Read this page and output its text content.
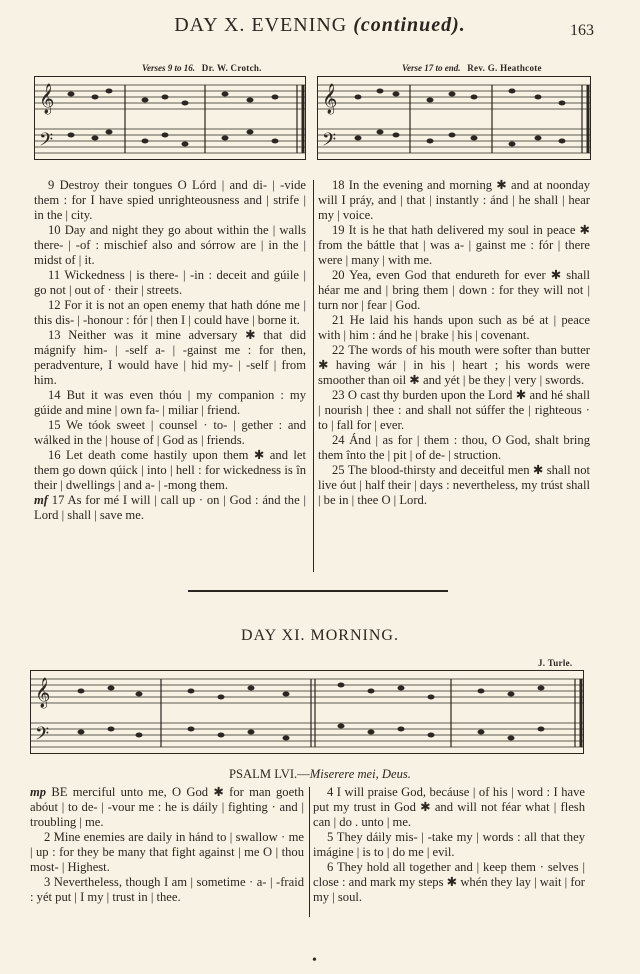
DAY X. EVENING (continued).	163
Verses 9 to 16. Dr. W. Crotch.
𝄞
𝄢
Verse 17 to end. Rev. G. Heathcote
𝄞
𝄢

9 Destroy their tongues O Lórd | and di- | -vide them : for I have spied unrighteousness and | strife | in the | city.

10 Day and night they go about within the | walls there- | -of : mischief also and sórrow are | in the | midst of | it.

11 Wickedness | is there- | -in : deceit and gúile | go not | out of · their | streets.

12 For it is not an open enemy that hath dóne me | this dis- | -honour : fór | then I | could have | borne it.

13 Neither was it mine adversary ✱ that did mágnify him- | -self a- | -gainst me : for then, peradventure, I would have | hid my- | -self | from him.

14 But it was even thóu | my companion : my gúide and mine | own fa- | miliar | friend.

15 We tóok sweet | counsel · to- | gether : and wálked in the | house of | God as | friends.

16 Let death come hastily upon them ✱ and let them go down qúick | into | hell : for wickedness is în their | dwellings | and a- | -mong them.

mf 17 As for mé I will | call up · on | God : ánd the | Lord | shall | save me.

18 In the evening and morning ✱ and at noonday will I práy, and | that | instantly : ánd | he shall | hear my | voice.

19 It is he that hath delivered my soul in peace ✱ from the báttle that | was a- | gainst me : fór | there were | many | with me.

20 Yea, even God that endureth for ever ✱ shall héar me and | bring them | down : for they will not | turn nor | fear | God.

21 He laid his hands upon such as bé at | peace with | him : ánd he | brake | his | covenant.

22 The words of his mouth were softer than butter ✱ having wár | in his | heart ; his words were smoother than oil ✱ and yét | be they | very | swords.

23 O cast thy burden upon the Lord ✱ and hé shall | nourish | thee : and shall not súffer the | righteous · to | fall for | ever.

24 Ánd | as for | them : thou, O God, shalt bring them înto the | pit | of de- | struction.

25 The blood-thirsty and deceitful men ✱ shall not live óut | half their | days : nevertheless, my trúst shall | be in | thee O | Lord.

DAY XI. MORNING.
J. Turle.
𝄞
𝄢
PSALM LVI.—Miserere mei, Deus.

mp BE merciful unto me, O God ✱ for man goeth abóut | to de- | -vour me : he is dáily | fighting · and | troubling | me.

2 Mine enemies are daily in hánd to | swallow · me | up : for they be many that fight against | me O | thou most- | Highest.

3 Nevertheless, though I am | sometime · a- | -fraid : yét put | I my | trust in | thee.

4 I will praise God, becáuse | of his | word : I have put my trust in God ✱ and will not féar what | flesh can | do . unto | me.

5 They dáily mis- | -take my | words : all that they imágine | is to | do me | evil.

6 They hold all together and | keep them · selves | close : and mark my steps ✱ whén they lay | wait | for my | soul.

•
